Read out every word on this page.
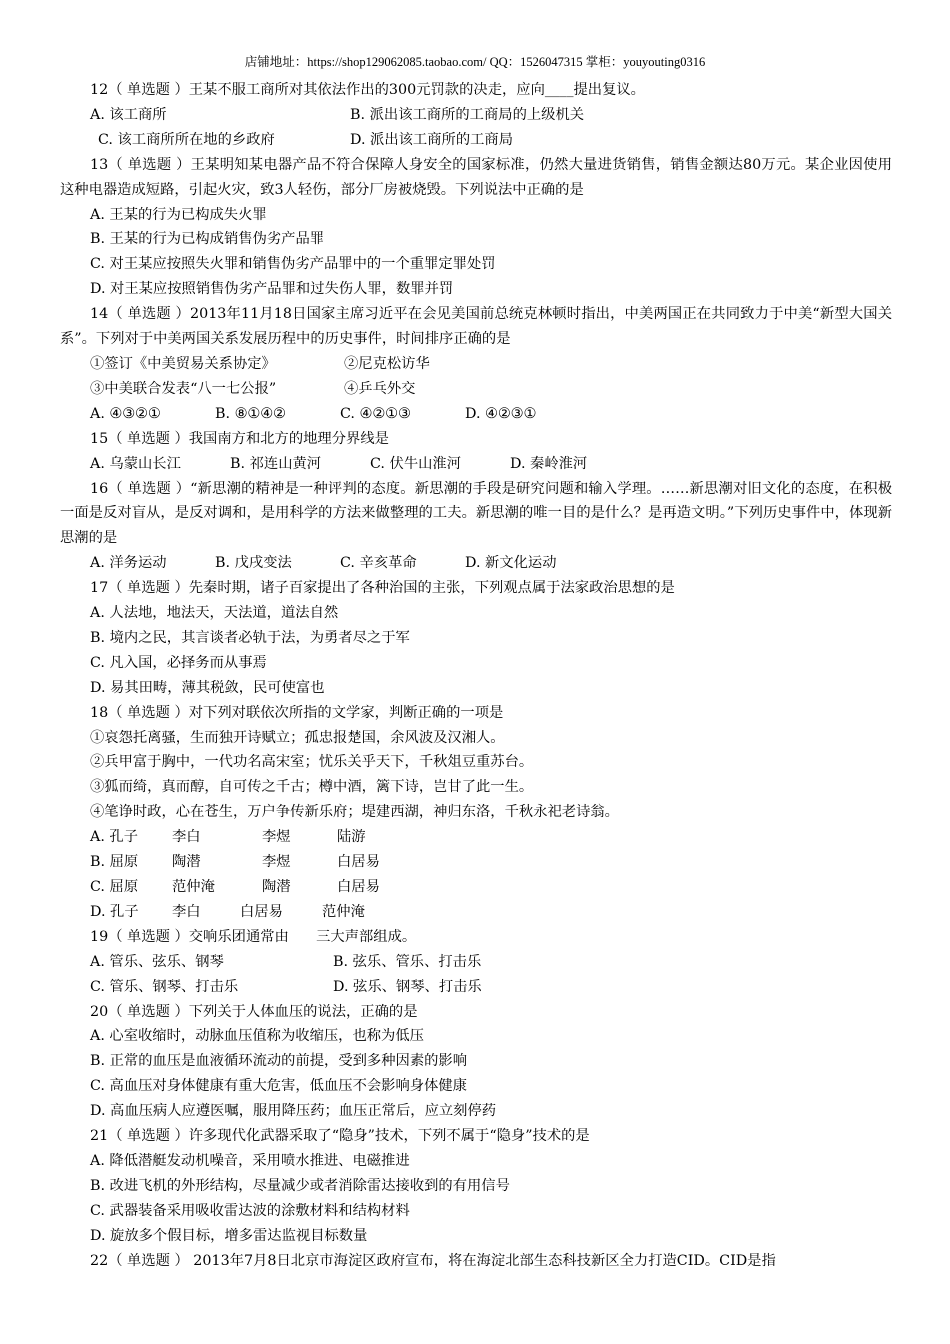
店铺地址：https://shop129062085.taobao.com/ QQ：1526047315 掌柜：youyouting0316

12（ 单选题 ）王某不服工商所对其依法作出的300元罚款的决走，应向____提出复议。

A. 该工商所	B. 派出该工商所的工商局的上级机关

C. 该工商所所在地的乡政府	D. 派出该工商所的工商局

13（ 单选题 ）王某明知某电器产品不符合保障人身安全的国家标准，仍然大量进货销售，销售金额达80万元。某企业因使用这种电器造成短路，引起火灾，致3人轻伤，部分厂房被烧毁。下列说法中正确的是

A. 王某的行为已构成失火罪

B. 王某的行为已构成销售伪劣产品罪

C. 对王某应按照失火罪和销售伪劣产品罪中的一个重罪定罪处罚

D. 对王某应按照销售伪劣产品罪和过失伤人罪，数罪并罚

14（ 单选题 ）2013年11月18日国家主席习近平在会见美国前总统克林顿时指出，中美两国正在共同致力于中美“新型大国关系”。下列对于中美两国关系发展历程中的历史事件，时间排序正确的是

①签订《中美贸易关系协定》	②尼克松访华

③中美联合发表“八一七公报”	④乒乓外交

A. ④③②①	B. ⑧①④②	C. ④②①③	D. ④②③①

15（ 单选题 ）我国南方和北方的地理分界线是

A. 乌蒙山长江	B. 祁连山黄河	C. 伏牛山淮河	D. 秦岭淮河

16（ 单选题 ）“新思潮的精神是一种评判的态度。新思潮的手段是研究问题和输入学理。……新思潮对旧文化的态度，在积极一面是反对盲从，是反对调和，是用科学的方法来做整理的工夫。新思潮的唯一目的是什么？是再造文明。”下列历史事件中，体现新思潮的是

A. 洋务运动	B. 戊戌变法	C. 辛亥革命	D. 新文化运动

17（ 单选题 ）先秦时期，诸子百家提出了各种治国的主张，下列观点属于法家政治思想的是

A. 人法地，地法天，天法道，道法自然

B. 境内之民，其言谈者必轨于法，为勇者尽之于军

C. 凡入国，必择务而从事焉

D. 易其田畴，薄其税敛，民可使富也

18（ 单选题 ）对下列对联依次所指的文学家，判断正确的一项是

①哀怨托离骚，生而独开诗赋立；孤忠报楚国，余风波及汉湘人。

②兵甲富于胸中，一代功名高宋室；忧乐关乎天下，千秋俎豆重苏台。

③狐而绮，真而醇，自可传之千古；樽中酒，篱下诗，岂甘了此一生。

④笔诤时政，心在苍生，万户争传新乐府；堤建西湖，神归东洛，千秋永祀老诗翁。

A. 孔子 李白	李煜	陆游

B. 屈原 陶潜	李煜	白居易

C. 屈原 范仲淹	陶潜	白居易

D. 孔子 李白	白居易	范仲淹

19（ 单选题 ）交响乐团通常由      三大声部组成。

A. 管乐、弦乐、钢琴	B. 弦乐、管乐、打击乐

C. 管乐、钢琴、打击乐	D. 弦乐、钢琴、打击乐

20（ 单选题 ）下列关于人体血压的说法，正确的是

A. 心室收缩时，动脉血压值称为收缩压，也称为低压

B. 正常的血压是血液循环流动的前提，受到多种因素的影响

C. 高血压对身体健康有重大危害，低血压不会影响身体健康

D. 高血压病人应遵医嘱，服用降压药；血压正常后，应立刻停药

21（ 单选题 ）许多现代化武器采取了“隐身”技术，下列不属于“隐身”技术的是

A. 降低潜艇发动机噪音，采用喷水推进、电磁推进

B. 改进飞机的外形结构，尽量减少或者消除雷达接收到的有用信号

C. 武器装备采用吸收雷达波的涂敷材料和结构材料

D. 旋放多个假目标，增多雷达监视目标数量

22（ 单选题 ） 2013年7月8日北京市海淀区政府宣布，将在海淀北部生态科技新区全力打造CID。CID是指
